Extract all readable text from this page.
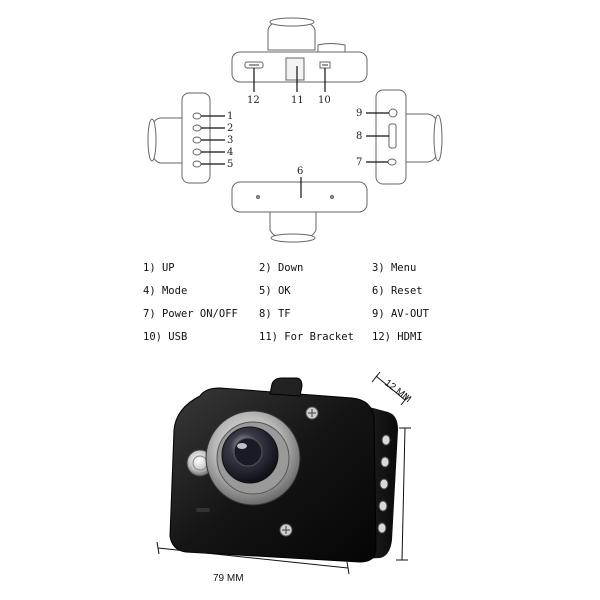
12	11 10
1
2
3
4
5
9
8
7
6
12 MM
79 MM
1) UP	2) Down	3) Menu
4) Mode	5) OK	6) Reset
7) Power ON/OFF 8) TF	9) AV-OUT
10) USB	11) For Bracket 12) HDMI
